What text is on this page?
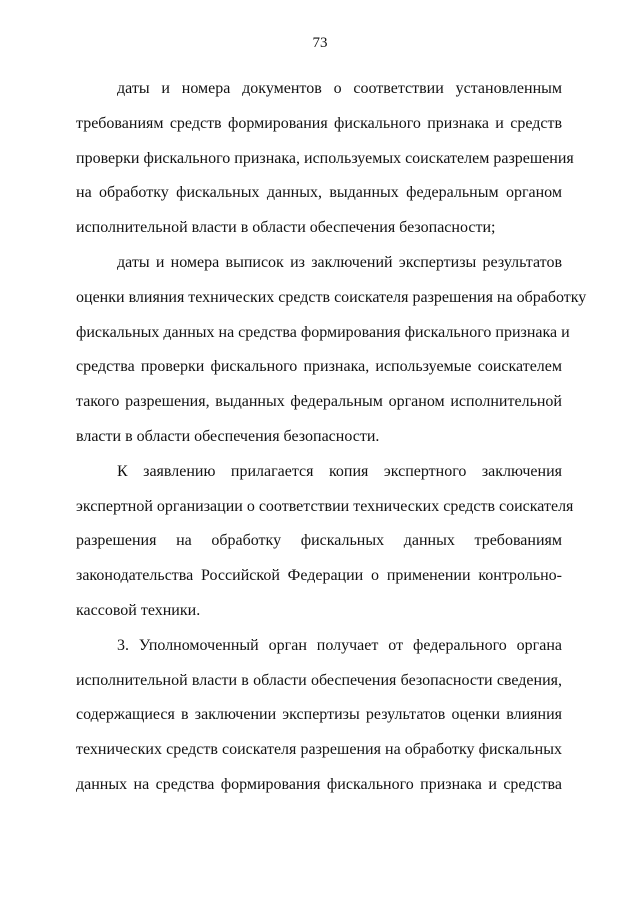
73
даты и номера документов о соответствии установленным
требованиям средств формирования фискального признака и средств
проверки фискального признака, используемых соискателем разрешения
на обработку фискальных данных, выданных федеральным органом
исполнительной власти в области обеспечения безопасности;
даты и номера выписок из заключений экспертизы результатов
оценки влияния технических средств соискателя разрешения на обработку
фискальных данных на средства формирования фискального признака и
средства проверки фискального признака, используемые соискателем
такого разрешения, выданных федеральным органом исполнительной
власти в области обеспечения безопасности.
К заявлению прилагается копия экспертного заключения
экспертной организации о соответствии технических средств соискателя
разрешения на обработку фискальных данных требованиям
законодательства Российской Федерации о применении контрольно-
кассовой техники.
3. Уполномоченный орган получает от федерального органа
исполнительной власти в области обеспечения безопасности сведения,
содержащиеся в заключении экспертизы результатов оценки влияния
технических средств соискателя разрешения на обработку фискальных
данных на средства формирования фискального признака и средства
